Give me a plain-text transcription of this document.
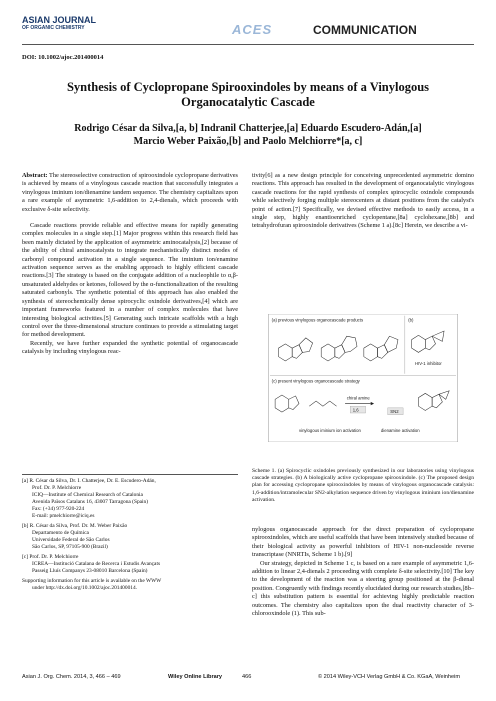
ASIAN JOURNAL
OF ORGANIC CHEMISTRY	ACES	COMMUNICATION
DOI: 10.1002/ajoc.201400014
Synthesis of Cyclopropane Spirooxindoles by means of a Vinylogous Organocatalytic Cascade
Rodrigo César da Silva,[a, b] Indranil Chatterjee,[a] Eduardo Escudero-Adán,[a]
Marcio Weber Paixão,[b] and Paolo Melchiorre*[a, c]

Abstract: The stereoselective construction of spirooxindole cyclopropane derivatives is achieved by means of a vinylogous cascade reaction that successfully integrates a vinylogous iminium ion/dienamine tandem sequence. The chemistry capitalizes upon a rare example of asymmetric 1,6-addition to 2,4-dienals, which proceeds with exclusive δ-site selectivity.

Cascade reactions provide reliable and effective means for rapidly generating complex molecules in a single step.[1] Major progress within this research field has been mainly dictated by the application of asymmetric aminocatalysis,[2] because of the ability of chiral aminocatalysts to integrate mechanistically distinct modes of carbonyl compound activation in a single sequence. The iminium ion/enamine activation sequence serves as the enabling approach to highly efficient cascade reactions.[3] The strategy is based on the conjugate addition of a nucleophile to α,β-unsaturated aldehydes or ketones, followed by the α-functionalization of the resulting saturated carbonyls. The synthetic potential of this approach has also enabled the synthesis of stereochemically dense spirocyclic oxindole derivatives,[4] which are important frameworks featured in a number of complex molecules that have interesting biological activities.[5] Generating such intricate scaffolds with a high control over the three-dimensional structure continues to provide a stimulating target for method development.

Recently, we have further expanded the synthetic potential of organocascade catalysis by including vinylogous reac-

[a] R. César da Silva, Dr. I. Chatterjee, Dr. E. Escudero-Adán,
Prof. Dr. P. Melchiorre
ICIQ—Institute of Chemical Research of Catalonia
Avenida Països Catalans 16, 43007 Tarragona (Spain)
Fax: (+34) 977-920-224
E-mail: pmelchiorre@iciq.es
[b] R. César da Silva, Prof. Dr. M. Weber Paixão
Departamento de Química
Universidade Federal de São Carlos
São Carlos, SP, 97105-900 (Brazil)
[c] Prof. Dr. P. Melchiorre
ICREA—Institució Catalana de Recerca i Estudis Avançats
Passeig Lluís Companys 23-08010 Barcelona (Spain)
Supporting information for this article is available on the WWW
under http://dx.doi.org/10.1002/ajoc.201400014.

tivity[6] as a new design principle for conceiving unprecedented asymmetric domino reactions. This approach has resulted in the development of organocatalytic vinylogous cascade reactions for the rapid synthesis of complex spirocyclic oxindole compounds while selectively forging multiple stereocenters at distant positions from the catalyst's point of action.[7] Specifically, we devised effective methods to easily access, in a single step, highly enantioenriched cyclopentane,[8a] cyclohexane,[8b] and tetrahydrofuran spirooxindole derivatives (Scheme 1 a).[8c] Herein, we describe a vi-

(a) previous vinylogous organocascade products	(b)
(c) present vinylogous organocascade strategy
HIV-1 inhibitor
chiral amine
1,6	SN2
vinylogous iminium ion activation	dienamine activation
Scheme 1. (a) Spirocyclic oxindoles previously synthesized in our laboratories using vinylogous cascade strategies. (b) A biologically active cyclopropane spirooxindole. (c) The proposed design plan for accessing cyclopropane spirooxindoles by means of vinylogous organocascade catalysis: 1,6-addition/intramolecular SN2-alkylation sequence driven by vinylogous iminium ion/dienamine activation.

nylogous organocascade approach for the direct preparation of cyclopropane spirooxindoles, which are useful scaffolds that have been intensively studied because of their biological activity as powerful inhibitors of HIV-1 non-nucleoside reverse transcriptase (NNRTIs, Scheme 1 b).[9]

Our strategy, depicted in Scheme 1 c, is based on a rare example of asymmetric 1,6-addition to linear 2,4-dienals 2 proceeding with complete δ-site selectivity.[10] The key to the development of the reaction was a steering group positioned at the β-dienal position. Congruently with findings recently elucidated during our research studies,[8b–c] this substitution pattern is essential for achieving highly predictable reaction outcomes. The chemistry also capitalizes upon the dual reactivity character of 3-chlorooxindole (1). This sub-

Asian J. Org. Chem. 2014, 3, 466 – 469	Wiley Online Library	466	© 2014 Wiley-VCH Verlag GmbH & Co. KGaA, Weinheim
